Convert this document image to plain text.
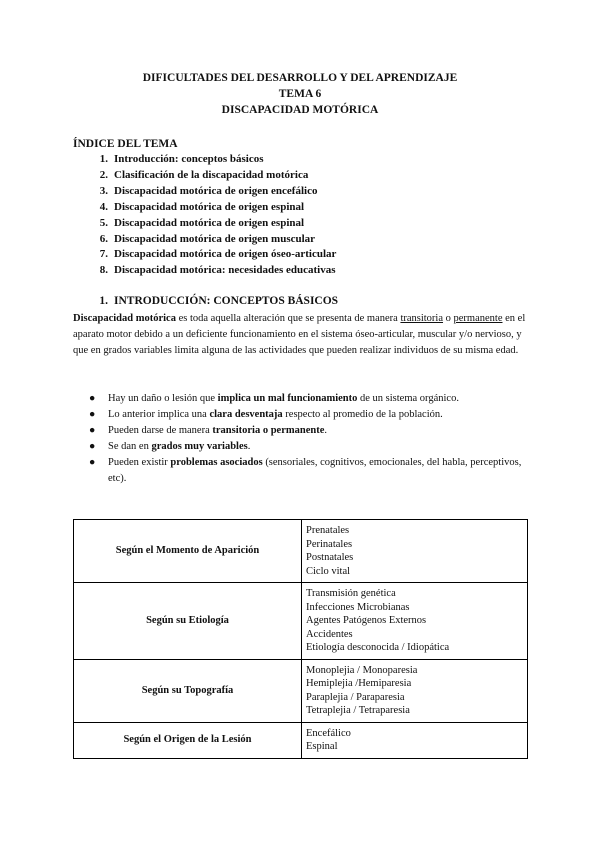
DIFICULTADES DEL DESARROLLO Y DEL APRENDIZAJE
TEMA 6
DISCAPACIDAD MOTÓRICA
ÍNDICE DEL TEMA
1. Introducción: conceptos básicos
2. Clasificación de la discapacidad motórica
3. Discapacidad motórica de origen encefálico
4. Discapacidad motórica de origen espinal
5. Discapacidad motórica de origen espinal
6. Discapacidad motórica de origen muscular
7. Discapacidad motórica de origen óseo-articular
8. Discapacidad motórica: necesidades educativas
1. INTRODUCCIÓN: CONCEPTOS BÁSICOS
Discapacidad motórica es toda aquella alteración que se presenta de manera transitoria o permanente en el aparato motor debido a un deficiente funcionamiento en el sistema óseo-articular, muscular y/o nervioso, y que en grados variables limita alguna de las actividades que pueden realizar individuos de su misma edad.
● Hay un daño o lesión que implica un mal funcionamiento de un sistema orgánico.
● Lo anterior implica una clara desventaja respecto al promedio de la población.
● Pueden darse de manera transitoria o permanente.
● Se dan en grados muy variables.
● Pueden existir problemas asociados (sensoriales, cognitivos, emocionales, del habla, perceptivos, etc).
Según el Momento de Aparición	Prenatales
Perinatales
Postnatales
Ciclo vital

Según su Etiología	Transmisión genética
Infecciones Microbianas
Agentes Patógenos Externos
Accidentes
Etiología desconocida / Idiopática

Según su Topografía	Monoplejia / Monoparesia
Hemiplejia /Hemiparesia
Paraplejia / Paraparesia
Tetraplejia / Tetraparesia

Según el Origen de la Lesión	Encefálico
Espinal
